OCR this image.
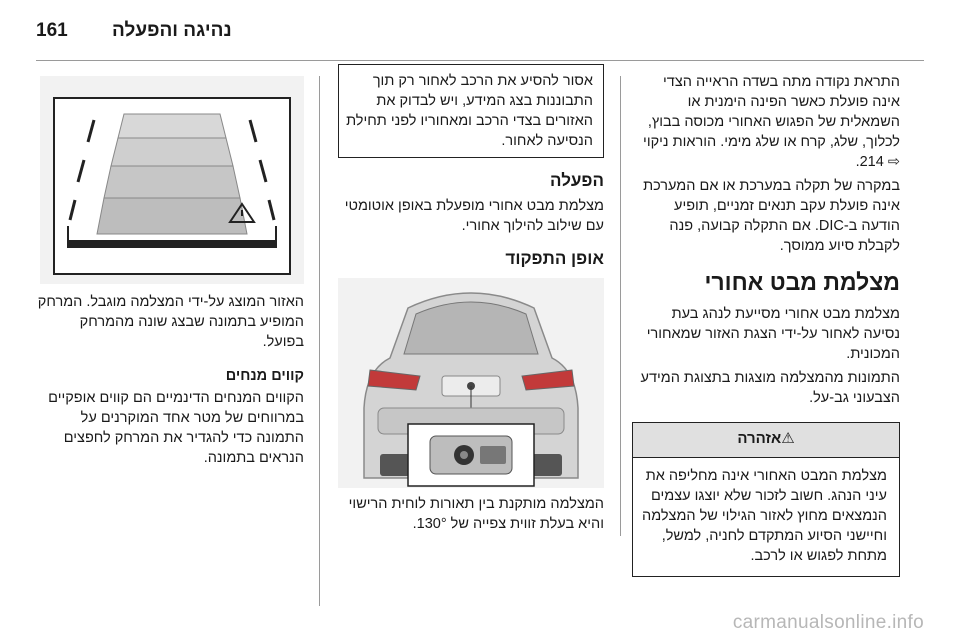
161 נהיגה והפעלה

התראת נקודה מתה בשדה הראייה הצדי אינה פועלת כאשר הפינה הימנית או השמאלית של הפגוש האחורי מכוסה בבוץ, לכלוך, שלג, קרח או שלג מימי. הוראות ניקוי ⇨ 214.

במקרה של תקלה במערכת או אם המערכת אינה פועלת עקב תנאים זמניים, תופיע הודעה ב-DIC. אם התקלה קבועה, פנה לקבלת סיוע ממוסך.

מצלמת מבט אחורי

מצלמת מבט אחורי מסייעת לנהג בעת נסיעה לאחור על-ידי הצגת האזור שמאחורי המכונית.

התמונות מהמצלמה מוצגות בתצוגת המידע הצבעוני גב-על.

⚠אזהרה
מצלמת המבט האחורי אינה מחליפה את עיני הנהג. חשוב לזכור שלא יוצגו עצמים הנמצאים מחוץ לאזור הגילוי של המצלמה וחיישני הסיוע המתקדם לחניה, למשל, מתחת לפגוש או לרכב.
אסור להסיע את הרכב לאחור רק תוך התבוננות בצג המידע, ויש לבדוק את האזורים בצדי הרכב ומאחוריו לפני תחילת הנסיעה לאחור.
הפעלה

מצלמת מבט אחורי מופעלת באופן אוטומטי עם שילוב להילוך אחורי.

אופן התפקוד
המצלמה מותקנת בין תאורות לוחית הרישוי והיא בעלת זווית צפייה של 130°.

האזור המוצג על-ידי המצלמה מוגבל. המרחק המופיע בתמונה שבצג שונה מהמרחק בפועל.

קווים מנחים

הקווים המנחים הדינמיים הם קווים אופקיים במרווחים של מטר אחד המוקרנים על התמונה כדי להגדיר את המרחק לחפצים הנראים בתמונה.

carmanualsonline.info
